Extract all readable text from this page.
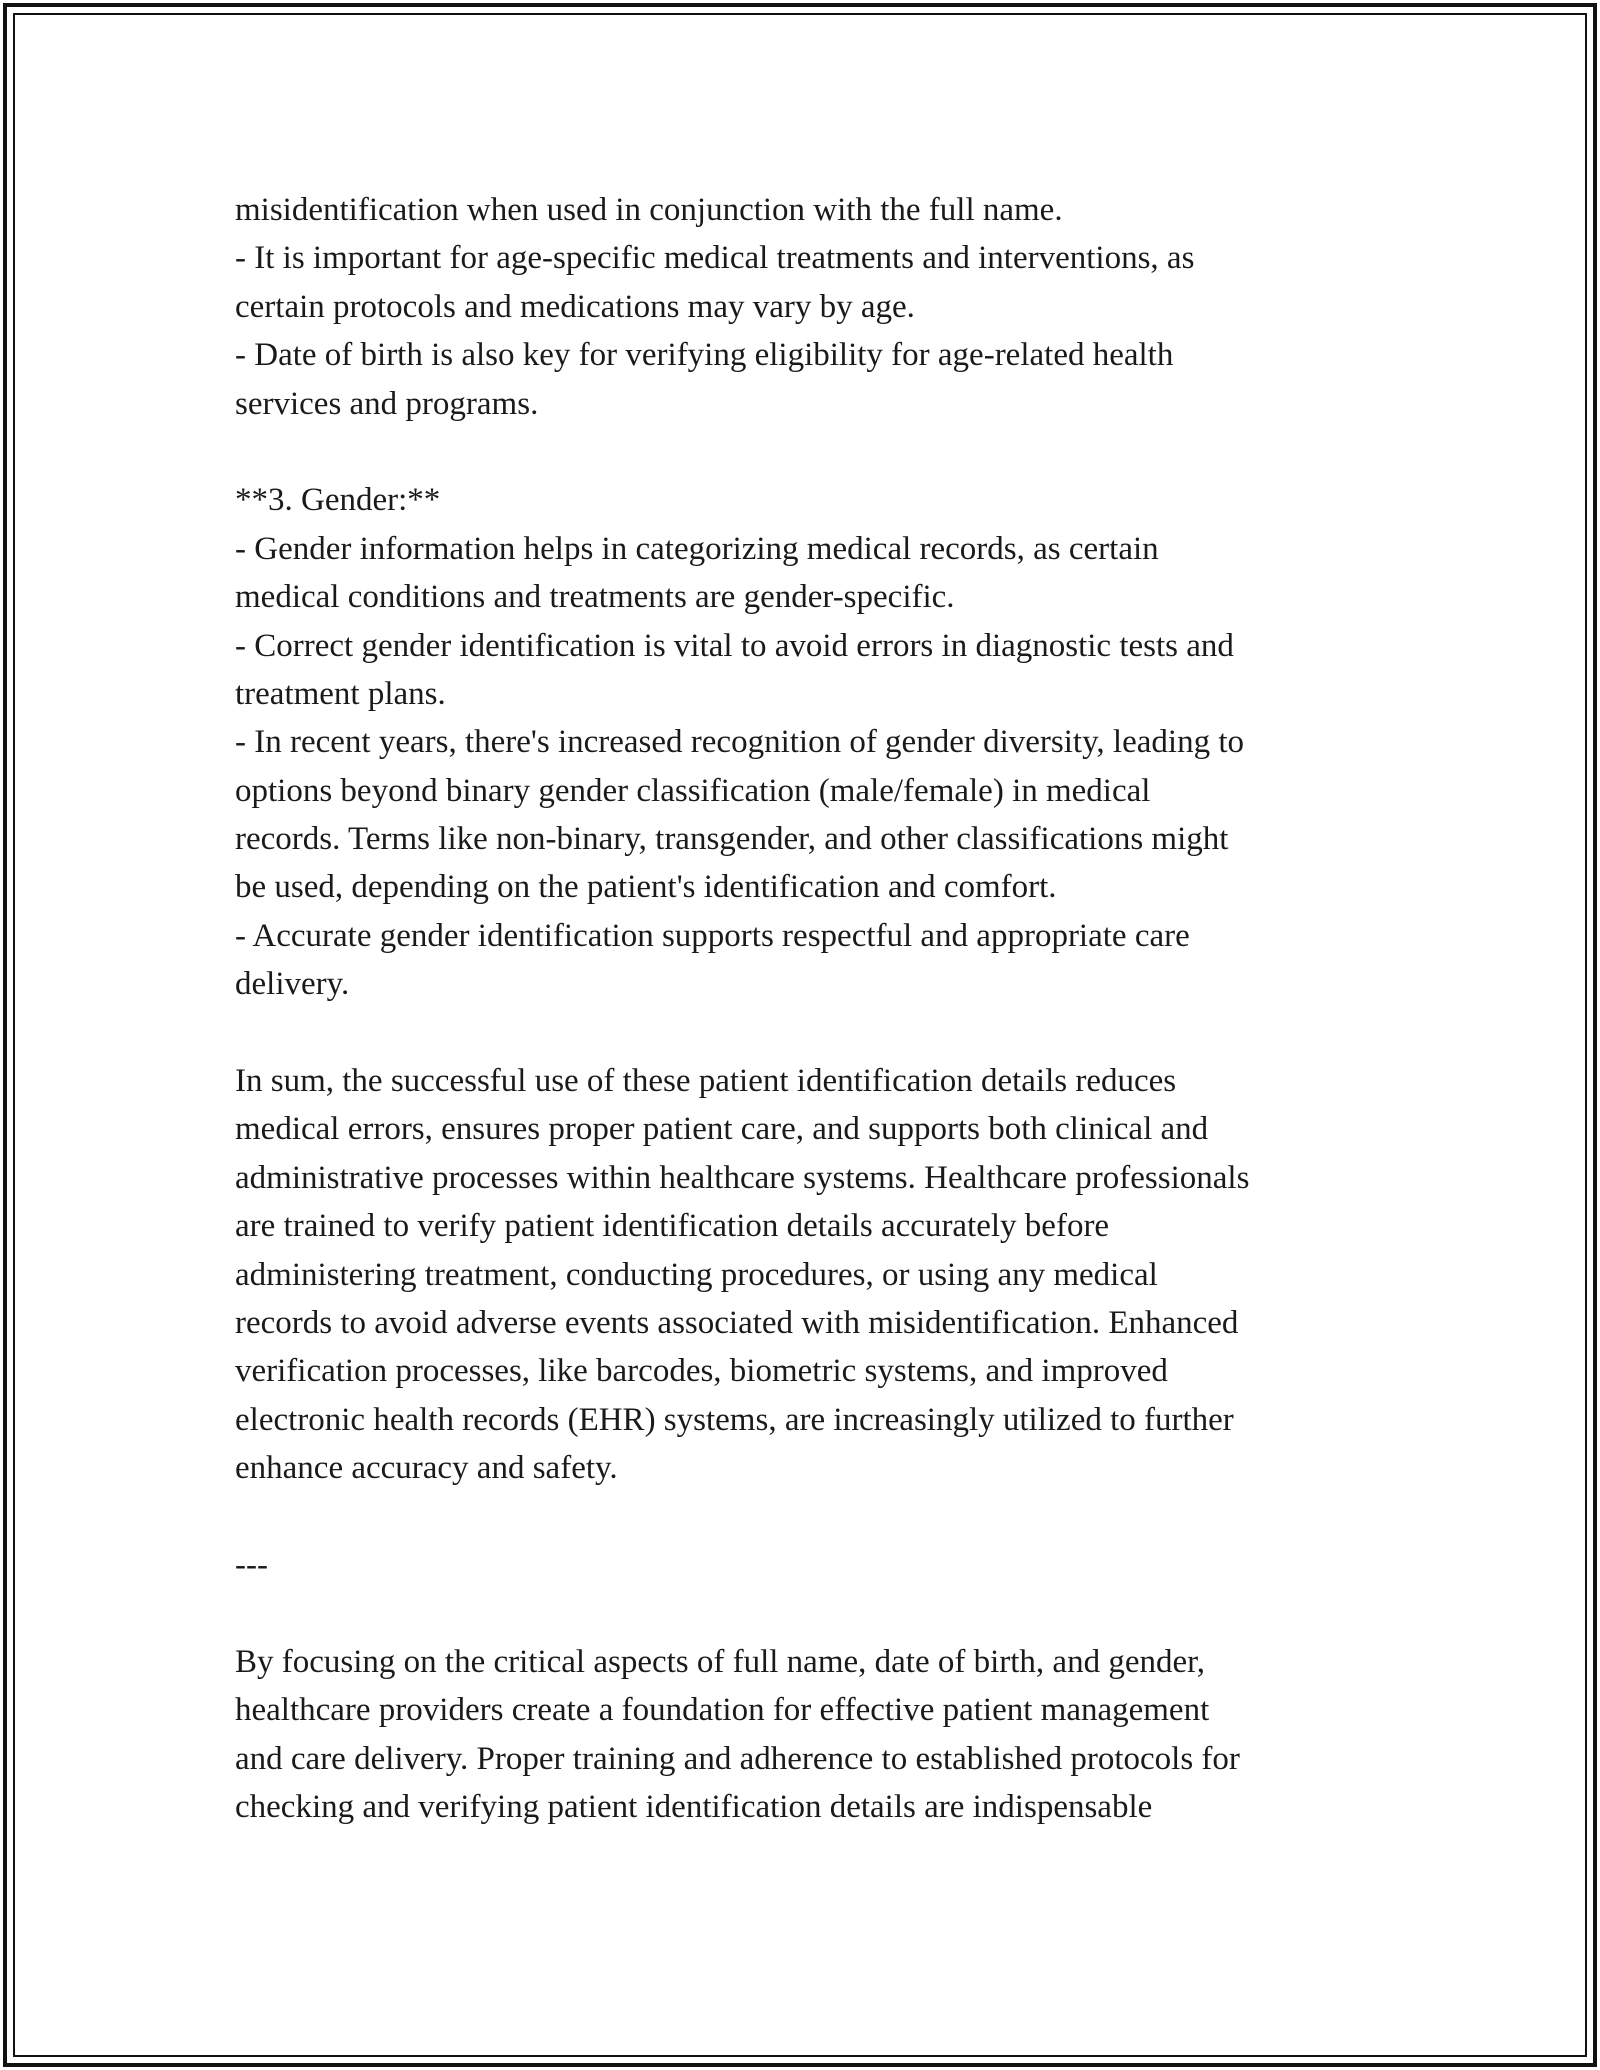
misidentification when used in conjunction with the full name.
- It is important for age-specific medical treatments and interventions, as
certain protocols and medications may vary by age.
- Date of birth is also key for verifying eligibility for age-related health
services and programs.
**3. Gender:**
- Gender information helps in categorizing medical records, as certain
medical conditions and treatments are gender-specific.
- Correct gender identification is vital to avoid errors in diagnostic tests and
treatment plans.
- In recent years, there's increased recognition of gender diversity, leading to
options beyond binary gender classification (male/female) in medical
records. Terms like non-binary, transgender, and other classifications might
be used, depending on the patient's identification and comfort.
- Accurate gender identification supports respectful and appropriate care
delivery.
In sum, the successful use of these patient identification details reduces
medical errors, ensures proper patient care, and supports both clinical and
administrative processes within healthcare systems. Healthcare professionals
are trained to verify patient identification details accurately before
administering treatment, conducting procedures, or using any medical
records to avoid adverse events associated with misidentification. Enhanced
verification processes, like barcodes, biometric systems, and improved
electronic health records (EHR) systems, are increasingly utilized to further
enhance accuracy and safety.
---
By focusing on the critical aspects of full name, date of birth, and gender,
healthcare providers create a foundation for effective patient management
and care delivery. Proper training and adherence to established protocols for
checking and verifying patient identification details are indispensable
